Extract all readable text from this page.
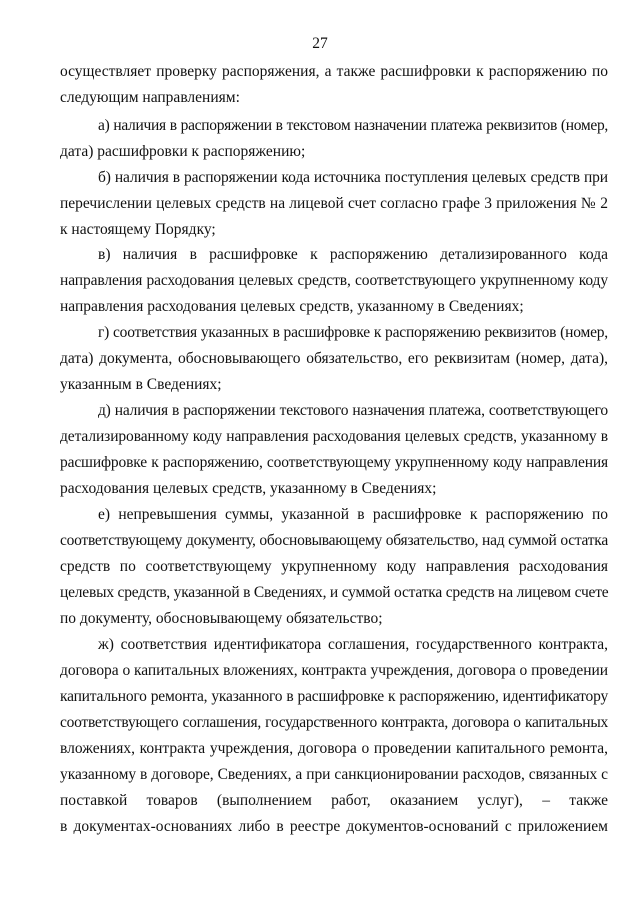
27
осуществляет проверку распоряжения, а также расшифровки к распоряжению по
следующим направлениям:
а) наличия в распоряжении в текстовом назначении платежа реквизитов (номер,
дата) расшифровки к распоряжению;
б) наличия в распоряжении кода источника поступления целевых средств при
перечислении целевых средств на лицевой счет согласно графе 3 приложения № 2
к настоящему Порядку;
в) наличия в расшифровке к распоряжению детализированного кода
направления расходования целевых средств, соответствующего укрупненному коду
направления расходования целевых средств, указанному в Сведениях;
г) соответствия указанных в расшифровке к распоряжению реквизитов (номер,
дата) документа, обосновывающего обязательство, его реквизитам (номер, дата),
указанным в Сведениях;
д) наличия в распоряжении текстового назначения платежа, соответствующего
детализированному коду направления расходования целевых средств, указанному в
расшифровке к распоряжению, соответствующему укрупненному коду направления
расходования целевых средств, указанному в Сведениях;
е) непревышения суммы, указанной в расшифровке к распоряжению по
соответствующему документу, обосновывающему обязательство, над суммой остатка
средств по соответствующему укрупненному коду направления расходования
целевых средств, указанной в Сведениях, и суммой остатка средств на лицевом счете
по документу, обосновывающему обязательство;
ж) соответствия идентификатора соглашения, государственного контракта,
договора о капитальных вложениях, контракта учреждения, договора о проведении
капитального ремонта, указанного в расшифровке к распоряжению, идентификатору
соответствующего соглашения, государственного контракта, договора о капитальных
вложениях, контракта учреждения, договора о проведении капитального ремонта,
указанному в договоре, Сведениях, а при санкционировании расходов, связанных с
поставкой товаров (выполнением работ, оказанием услуг), – также
в документах-основаниях либо в реестре документов-оснований с приложением
